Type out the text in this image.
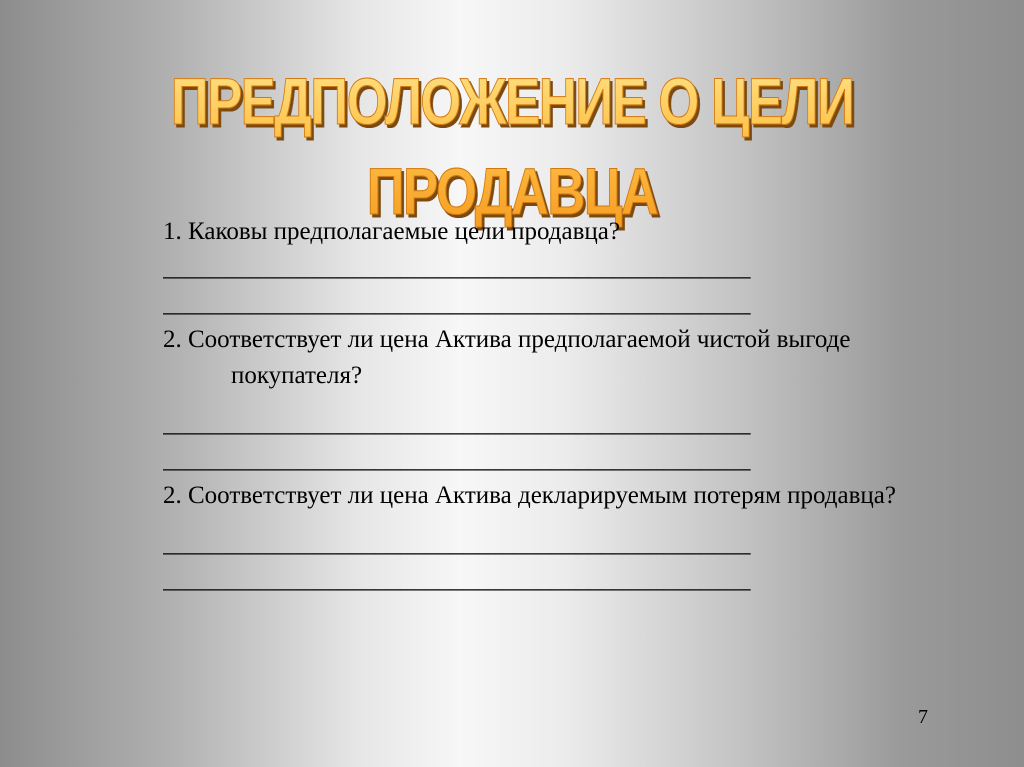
ПРЕДПОЛОЖЕНИЕ О ЦЕЛИ ПРОДАВЦА

1. Каковы предполагаемые цели продавца?

_______________________________________________

_______________________________________________

2. Соответствует ли цена Актива предполагаемой чистой выгоде покупателя?

_______________________________________________

_______________________________________________

2. Соответствует ли цена Актива декларируемым потерям продавца?

_______________________________________________

_______________________________________________

7
